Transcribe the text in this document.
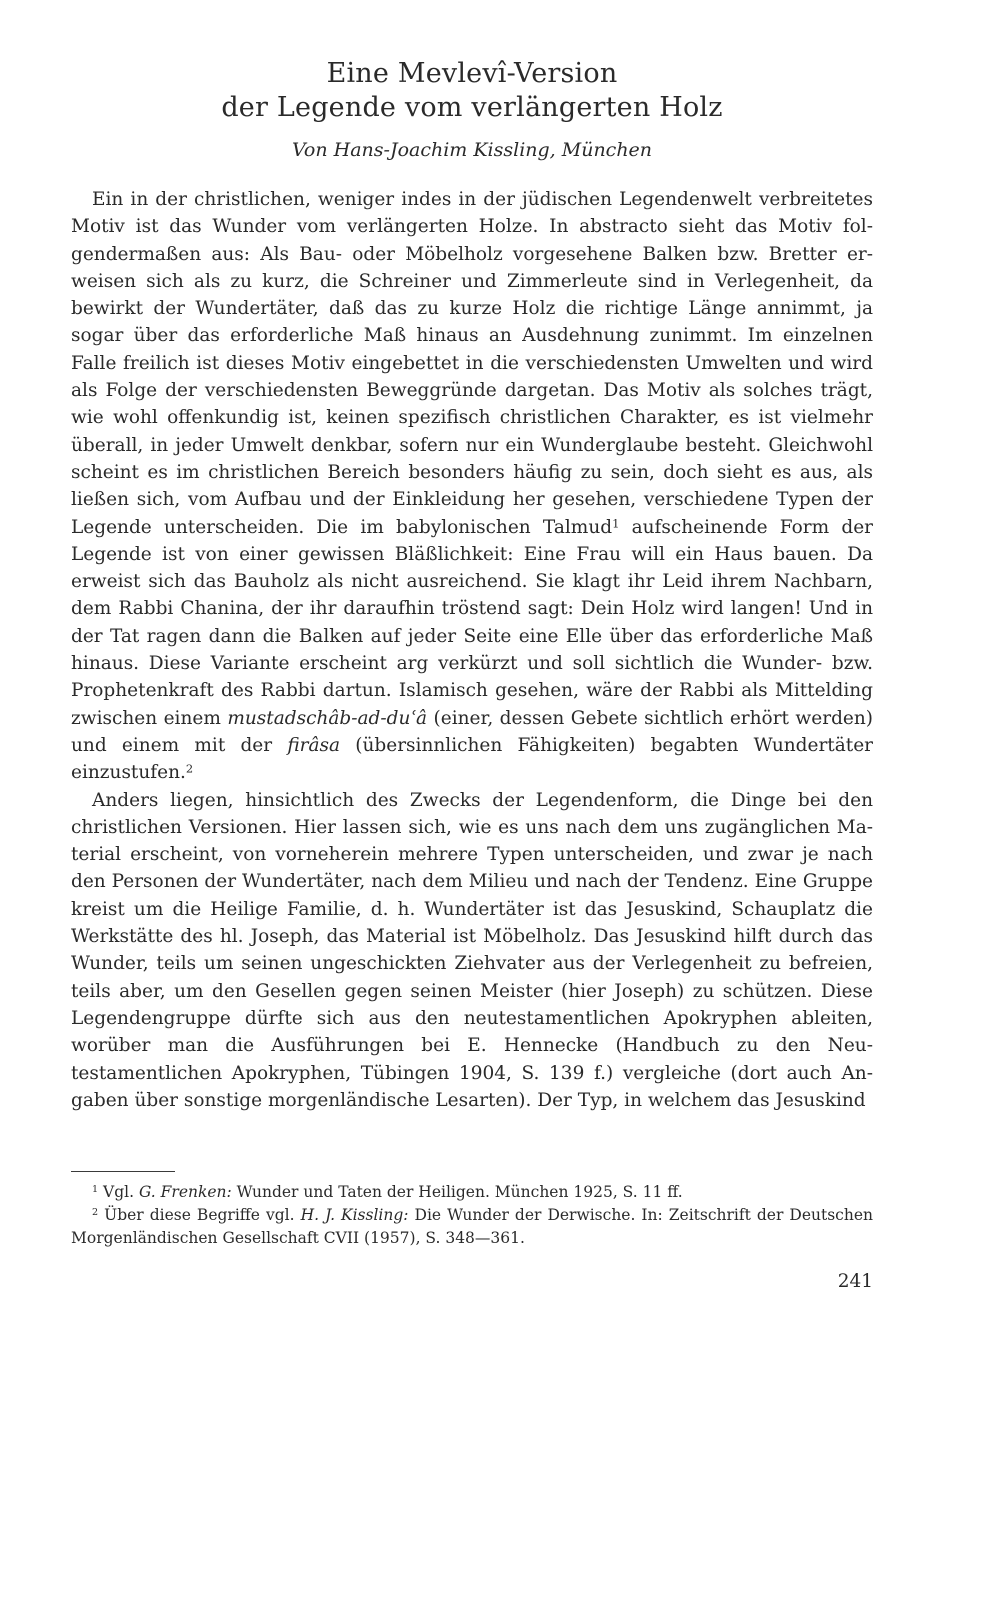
Eine Mevlevî-Version
der Legende vom verlängerten Holz
Von Hans-Joachim Kissling, München

Ein in der christlichen, weniger indes in der jüdischen Legendenwelt verbreitetes Motiv ist das Wunder vom verlängerten Holze. In abstracto sieht das Motiv folgendermaßen aus: Als Bau- oder Möbelholz vorgesehene Balken bzw. Bretter erweisen sich als zu kurz, die Schreiner und Zimmerleute sind in Verlegenheit, da bewirkt der Wundertäter, daß das zu kurze Holz die richtige Länge annimmt, ja sogar über das erforderliche Maß hinaus an Ausdehnung zunimmt. Im einzelnen Falle freilich ist dieses Motiv eingebettet in die verschiedensten Umwelten und wird als Folge der verschiedensten Beweggründe dargetan. Das Motiv als solches trägt, wie wohl offenkundig ist, keinen spezifisch christlichen Charakter, es ist vielmehr überall, in jeder Umwelt denkbar, sofern nur ein Wunderglaube besteht. Gleichwohl scheint es im christlichen Bereich besonders häufig zu sein, doch sieht es aus, als ließen sich, vom Aufbau und der Einkleidung her gesehen, verschiedene Typen der Legende unterscheiden. Die im babylonischen Talmud$^1$ aufscheinende Form der Legende ist von einer gewissen Bläßlichkeit: Eine Frau will ein Haus bauen. Da erweist sich das Bauholz als nicht ausreichend. Sie klagt ihr Leid ihrem Nachbarn, dem Rabbi Chanina, der ihr daraufhin tröstend sagt: Dein Holz wird langen! Und in der Tat ragen dann die Balken auf jeder Seite eine Elle über das erforderliche Maß hinaus. Diese Variante erscheint arg verkürzt und soll sichtlich die Wunder- bzw. Prophetenkraft des Rabbi dartun. Islamisch gesehen, wäre der Rabbi als Mittelding zwischen einem mustadschâb-ad-duʿâ (einer, dessen Gebete sichtlich erhört werden) und einem mit der firâsa (übersinnlichen Fähigkeiten) begabten Wundertäter einzustufen.$^2$

Anders liegen, hinsichtlich des Zwecks der Legendenform, die Dinge bei den christlichen Versionen. Hier lassen sich, wie es uns nach dem uns zugänglichen Material erscheint, von vorneherein mehrere Typen unterscheiden, und zwar je nach den Personen der Wundertäter, nach dem Milieu und nach der Tendenz. Eine Gruppe kreist um die Heilige Familie, d. h. Wundertäter ist das Jesuskind, Schauplatz die Werkstätte des hl. Joseph, das Material ist Möbelholz. Das Jesuskind hilft durch das Wunder, teils um seinen ungeschickten Ziehvater aus der Verlegenheit zu befreien, teils aber, um den Gesellen gegen seinen Meister (hier Joseph) zu schützen. Diese Legendengruppe dürfte sich aus den neutestamentlichen Apokryphen ableiten, worüber man die Ausführungen bei E. Hennecke (Handbuch zu den Neutestamentlichen Apokryphen, Tübingen 1904, S. 139 f.) vergleiche (dort auch Angaben über sonstige morgenländische Lesarten). Der Typ, in welchem das Jesuskind

$^1$ Vgl. G. Frenken: Wunder und Taten der Heiligen. München 1925, S. 11 ff.

$^2$ Über diese Begriffe vgl. H. J. Kissling: Die Wunder der Derwische. In: Zeitschrift der Deutschen Morgenländischen Gesellschaft CVII (1957), S. 348—361.

241
